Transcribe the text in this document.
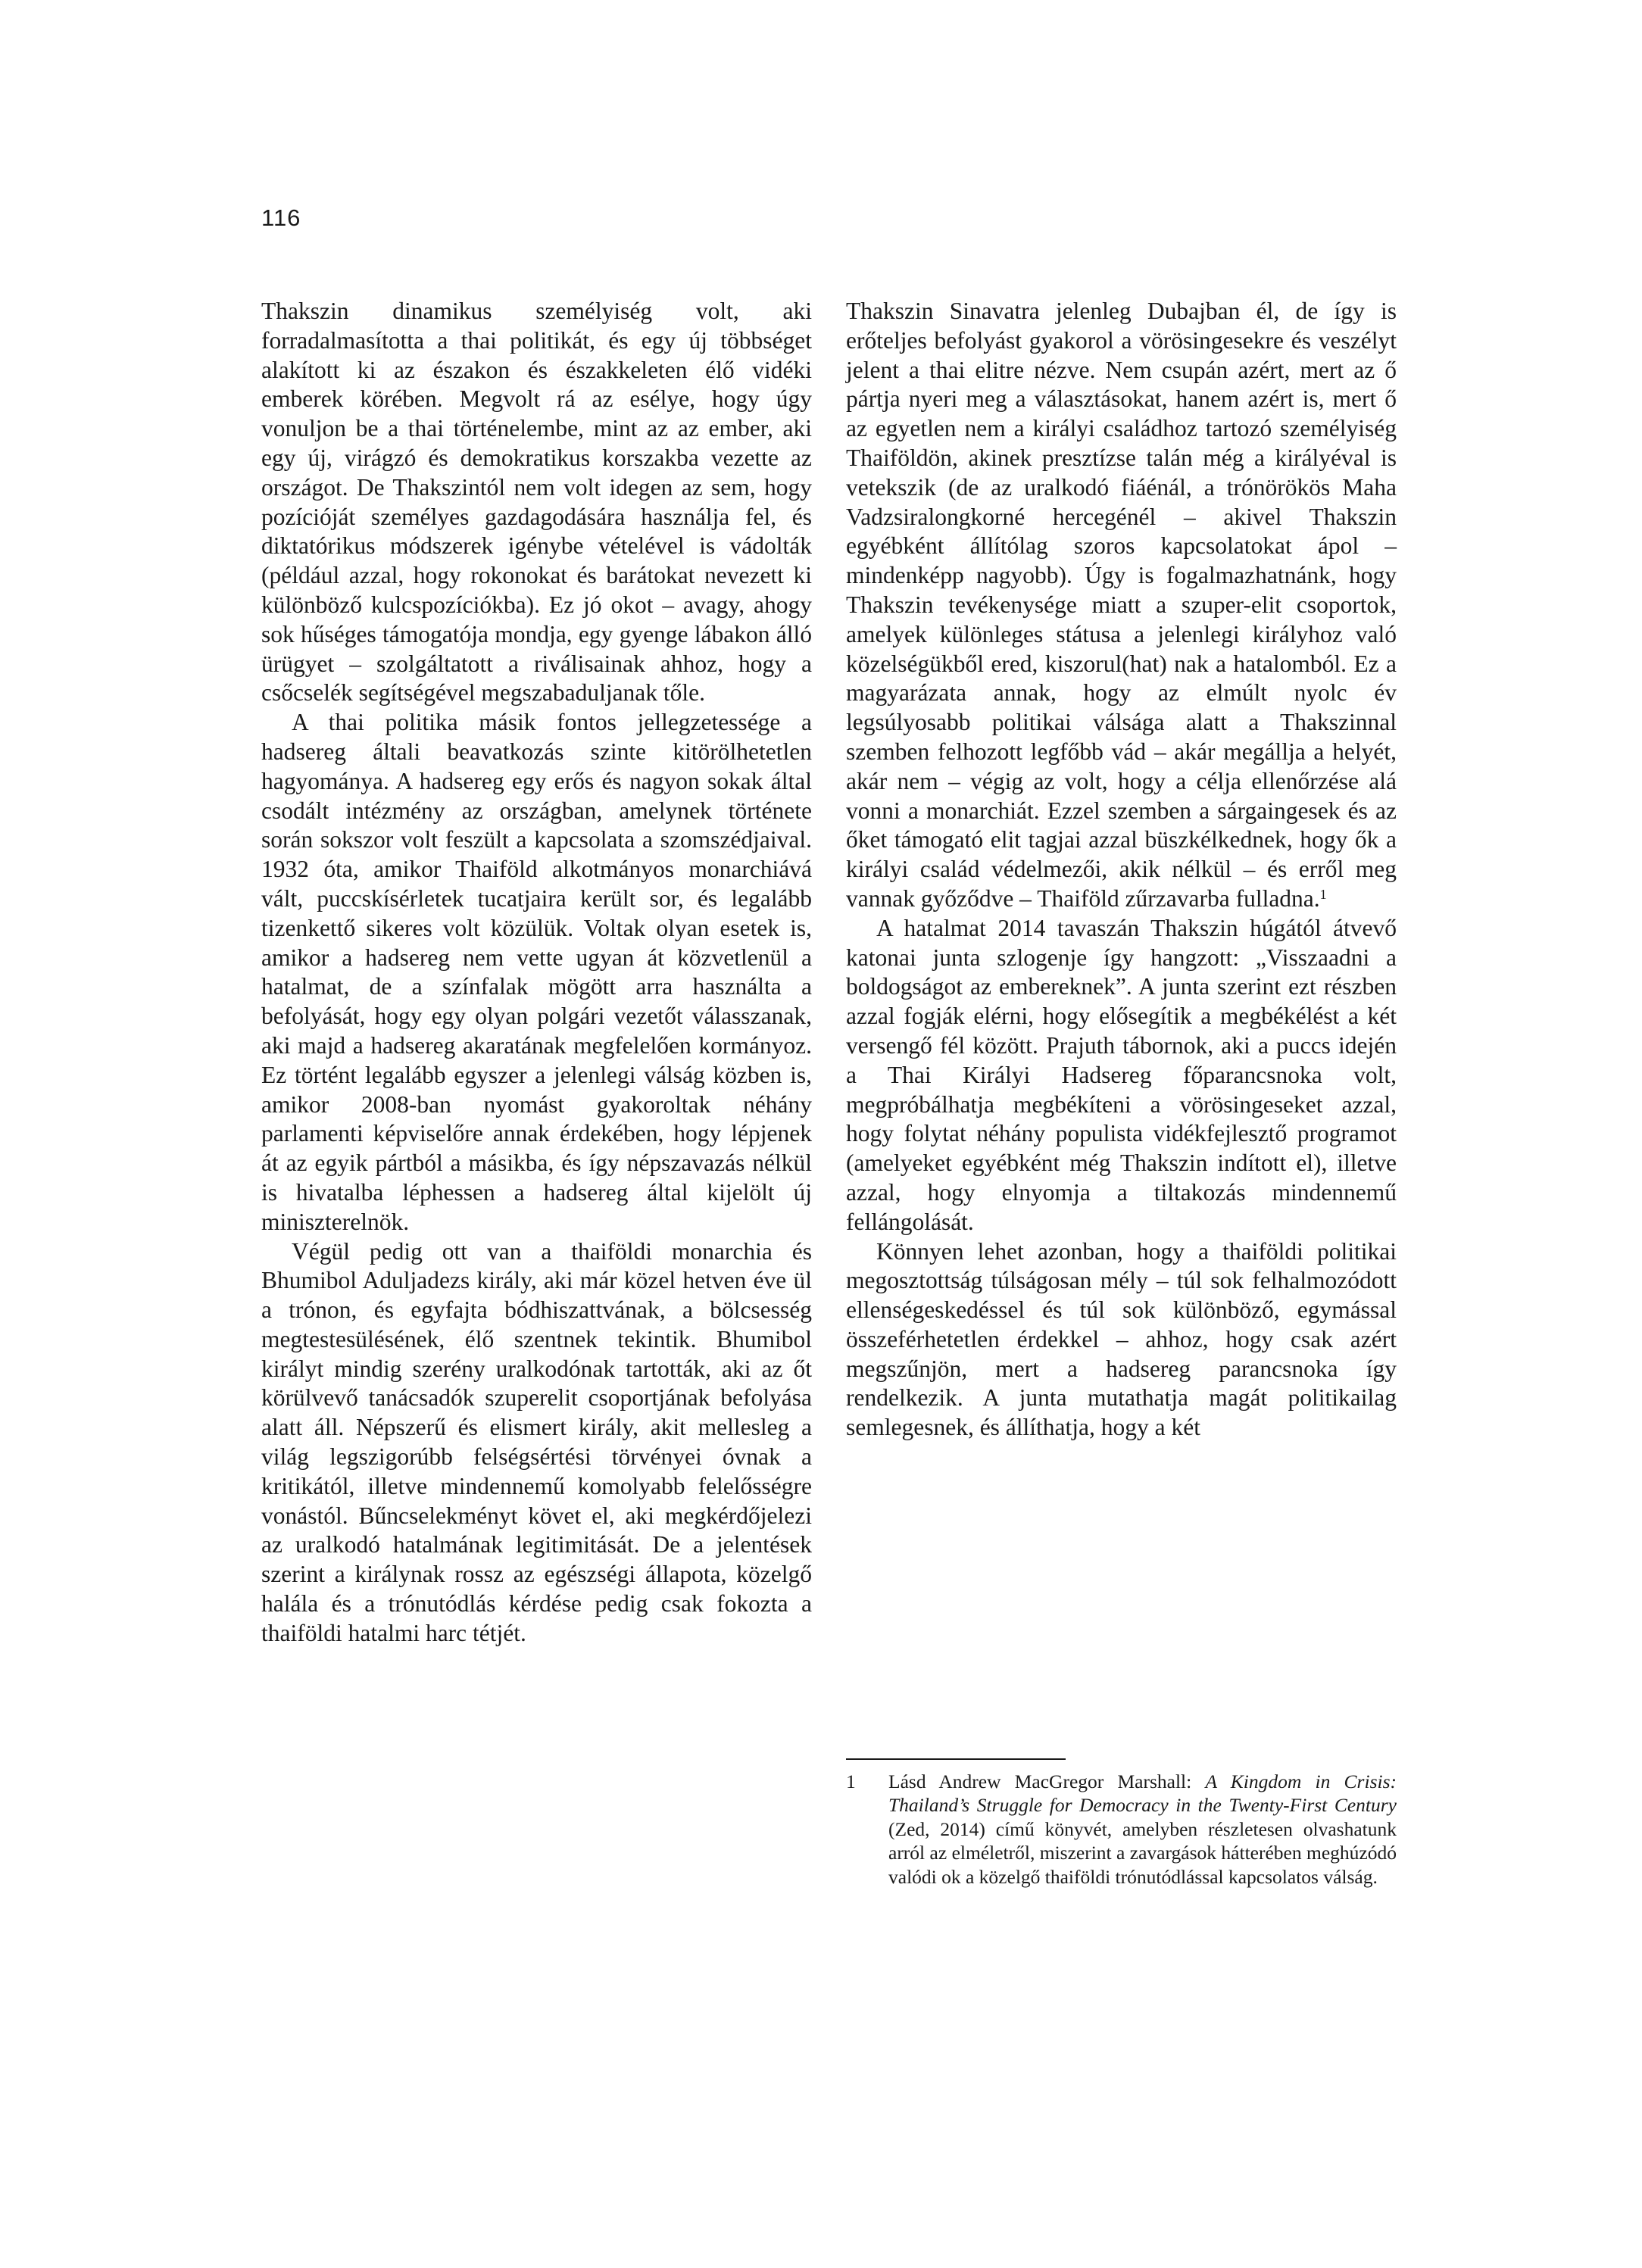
116

Thakszin dinamikus személyiség volt, aki forradalmasította a thai politikát, és egy új többséget alakított ki az északon és északkeleten élő vidéki emberek körében. Megvolt rá az esélye, hogy úgy vonuljon be a thai történelembe, mint az az ember, aki egy új, virágzó és demokratikus korszakba vezette az országot. De Thakszintól nem volt idegen az sem, hogy pozícióját személyes gazdagodására használja fel, és diktatórikus módszerek igénybe vételével is vádolták (például azzal, hogy rokonokat és barátokat nevezett ki különböző kulcspozíciókba). Ez jó okot – avagy, ahogy sok hűséges támogatója mondja, egy gyenge lábakon álló ürügyet – szolgáltatott a riválisainak ahhoz, hogy a csőcselék segítségével megszabaduljanak tőle.

A thai politika másik fontos jellegzetessége a hadsereg általi beavatkozás szinte kitörölhetetlen hagyománya. A hadsereg egy erős és nagyon sokak által csodált intézmény az országban, amelynek története során sokszor volt feszült a kapcsolata a szomszédjaival. 1932 óta, amikor Thaiföld alkotmányos monarchiává vált, puccskísérletek tucatjaira került sor, és legalább tizenkettő sikeres volt közülük. Voltak olyan esetek is, amikor a hadsereg nem vette ugyan át közvetlenül a hatalmat, de a színfalak mögött arra használta a befolyását, hogy egy olyan polgári vezetőt válasszanak, aki majd a hadsereg akaratának megfelelően kormányoz. Ez történt legalább egyszer a jelenlegi válság közben is, amikor 2008-ban nyomást gyakoroltak néhány parlamenti képviselőre annak érdekében, hogy lépjenek át az egyik pártból a másikba, és így népszavazás nélkül is hivatalba léphessen a hadsereg által kijelölt új miniszterelnök.

Végül pedig ott van a thaiföldi monarchia és Bhumibol Aduljadezs király, aki már közel hetven éve ül a trónon, és egyfajta bódhiszattvának, a bölcsesség megtestesülésének, élő szentnek tekintik. Bhumibol királyt mindig szerény uralkodónak tartották, aki az őt körülvevő tanácsadók szuperelit csoportjának befolyása alatt áll. Népszerű és elismert király, akit mellesleg a világ legszigorúbb felségsértési törvényei óvnak a kritikától, illetve mindennemű komolyabb felelősségre vonástól. Bűncselekményt követ el, aki megkérdőjelezi az uralkodó hatalmának legitimitását. De a jelentések szerint a királynak rossz az egészségi állapota, közelgő halála és a trónutódlás kérdése pedig csak fokozta a thaiföldi hatalmi harc tétjét.

Thakszin Sinavatra jelenleg Dubajban él, de így is erőteljes befolyást gyakorol a vörösingesekre és veszélyt jelent a thai elitre nézve. Nem csupán azért, mert az ő pártja nyeri meg a választásokat, hanem azért is, mert ő az egyetlen nem a királyi családhoz tartozó személyiség Thaiföldön, akinek presztízse talán még a királyéval is vetekszik (de az uralkodó fiáénál, a trónörökös Maha Vadzsiralongkorné hercegénél – akivel Thakszin egyébként állítólag szoros kapcsolatokat ápol – mindenképp nagyobb). Úgy is fogalmazhatnánk, hogy Thakszin tevékenysége miatt a szuper-elit csoportok, amelyek különleges státusa a jelenlegi királyhoz való közelségükből ered, kiszorul(hat) nak a hatalomból. Ez a magyarázata annak, hogy az elmúlt nyolc év legsúlyosabb politikai válsága alatt a Thakszinnal szemben felhozott legfőbb vád – akár megállja a helyét, akár nem – végig az volt, hogy a célja ellenőrzése alá vonni a monarchiát. Ezzel szemben a sárgaingesek és az őket támogató elit tagjai azzal büszkélkednek, hogy ők a királyi család védelmezői, akik nélkül – és erről meg vannak győződve – Thaiföld zűrzavarba fulladna.$^1$

A hatalmat 2014 tavaszán Thakszin húgától átvevő katonai junta szlogenje így hangzott: „Visszaadni a boldogságot az embereknek”. A junta szerint ezt részben azzal fogják elérni, hogy elősegítik a megbékélést a két versengő fél között. Prajuth tábornok, aki a puccs idején a Thai Királyi Hadsereg főparancsnoka volt, megpróbálhatja megbékíteni a vörösingeseket azzal, hogy folytat néhány populista vidékfejlesztő programot (amelyeket egyébként még Thakszin indított el), illetve azzal, hogy elnyomja a tiltakozás mindennemű fellángolását.

Könnyen lehet azonban, hogy a thaiföldi politikai megosztottság túlságosan mély – túl sok felhalmozódott ellenségeskedéssel és túl sok különböző, egymással összeférhetetlen érdekkel – ahhoz, hogy csak azért megszűnjön, mert a hadsereg parancsnoka így rendelkezik. A junta mutathatja magát politikailag semlegesnek, és állíthatja, hogy a két

1 Lásd Andrew MacGregor Marshall: A Kingdom in Crisis: Thailand’s Struggle for Democracy in the Twenty-First Century (Zed, 2014) című könyvét, amelyben részletesen olvashatunk arról az elméletről, miszerint a zavargások hátterében meghúzódó valódi ok a közelgő thaiföldi trónutódlással kapcsolatos válság.
